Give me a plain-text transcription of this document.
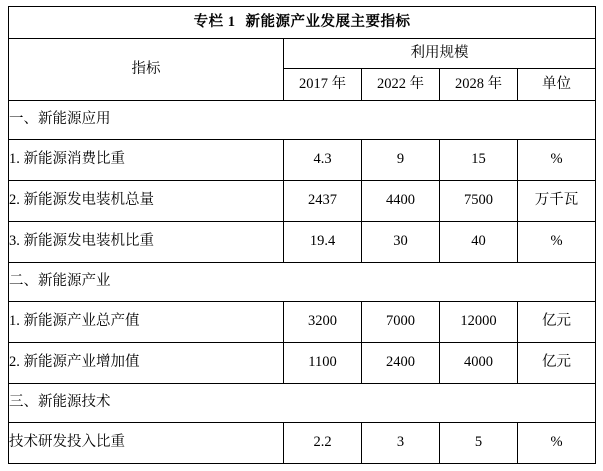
专栏 1 新能源产业发展主要指标				
指标	利用规模			
	2017 年	2022 年	2028 年	单位
一、新能源应用				
1. 新能源消费比重	4.3	9	15	%
2. 新能源发电装机总量	2437	4400	7500	万千瓦
3. 新能源发电装机比重	19.4	30	40	%
二、新能源产业				
1. 新能源产业总产值	3200	7000	12000	亿元
2. 新能源产业增加值	1100	2400	4000	亿元
三、新能源技术				
技术研发投入比重	2.2	3	5	%
